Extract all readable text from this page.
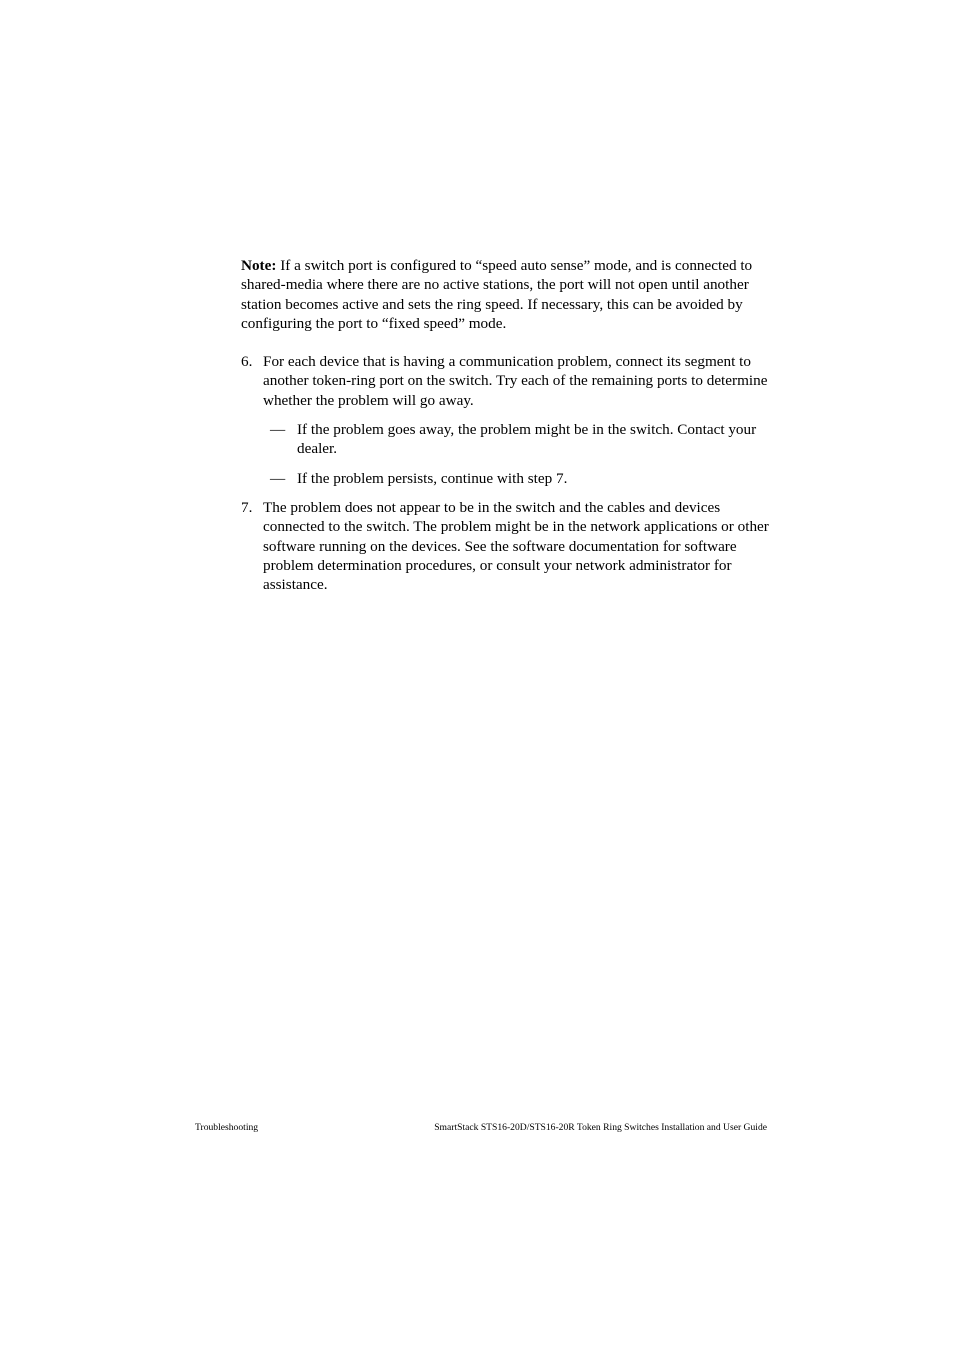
Note: If a switch port is configured to “speed auto sense” mode, and is connected to shared-media where there are no active stations, the port will not open until another station becomes active and sets the ring speed. If necessary, this can be avoided by configuring the port to “fixed speed” mode.

6. For each device that is having a communication problem, connect its segment to another token-ring port on the switch. Try each of the remaining ports to determine whether the problem will go away.
— If the problem goes away, the problem might be in the switch. Contact your dealer.
— If the problem persists, continue with step 7.
7. The problem does not appear to be in the switch and the cables and devices connected to the switch. The problem might be in the network applications or other software running on the devices. See the software documentation for software problem determination procedures, or consult your network administrator for assistance.
Troubleshooting	SmartStack STS16-20D/STS16-20R Token Ring Switches Installation and User Guide
